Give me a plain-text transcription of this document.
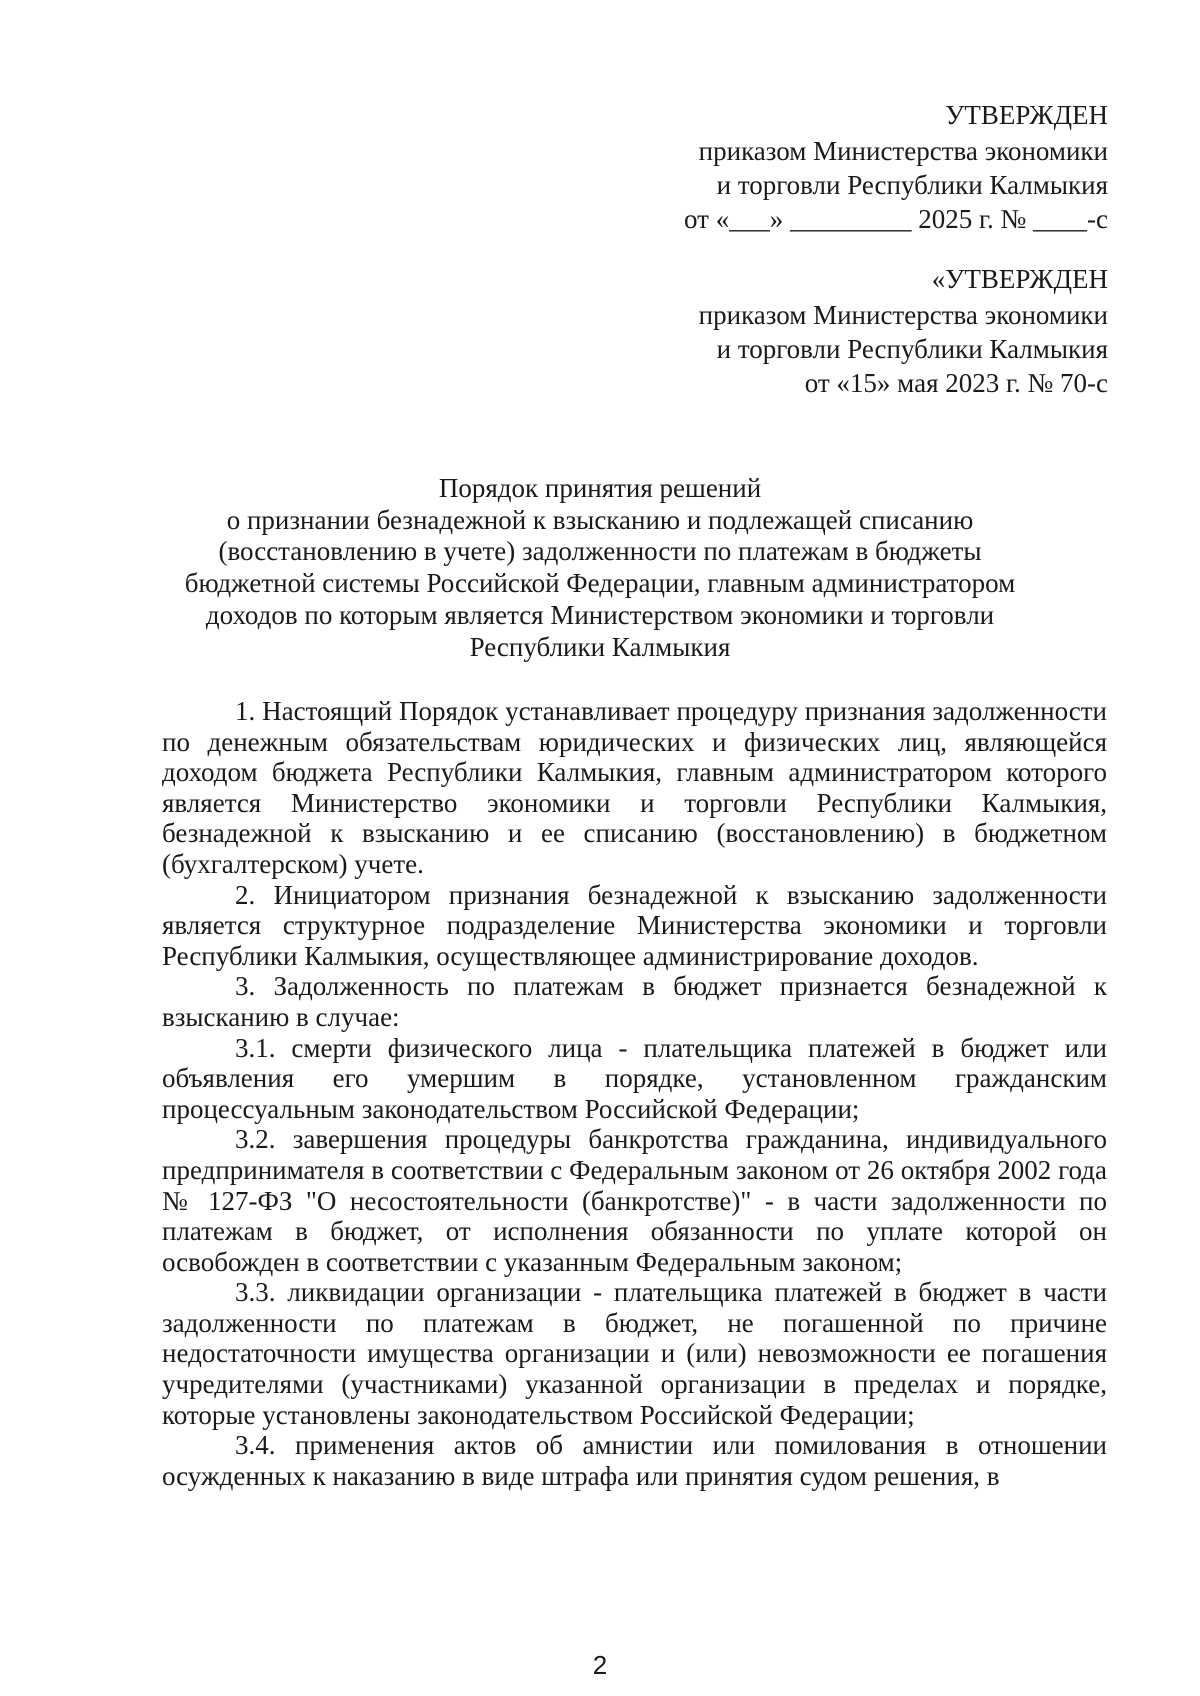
УТВЕРЖДЕН
приказом Министерства экономики
и торговли Республики Калмыкия
от «___» _________ 2025 г. № ____-с
«УТВЕРЖДЕН
приказом Министерства экономики
и торговли Республики Калмыкия
от «15» мая 2023 г. № 70-с
Порядок принятия решений
о признании безнадежной к взысканию и подлежащей списанию
(восстановлению в учете) задолженности по платежам в бюджеты
бюджетной системы Российской Федерации, главным администратором
доходов по которым является Министерством экономики и торговли
Республики Калмыкия

1. Настоящий Порядок устанавливает процедуру признания задолженности по денежным обязательствам юридических и физических лиц, являющейся доходом бюджета Республики Калмыкия, главным администратором которого является Министерство экономики и торговли Республики Калмыкия, безнадежной к взысканию и ее списанию (восстановлению) в бюджетном (бухгалтерском) учете.

2. Инициатором признания безнадежной к взысканию задолженности является структурное подразделение Министерства экономики и торговли Республики Калмыкия, осуществляющее администрирование доходов.

3. Задолженность по платежам в бюджет признается безнадежной к взысканию в случае:

3.1. смерти физического лица - плательщика платежей в бюджет или объявления его умершим в порядке, установленном гражданским процессуальным законодательством Российской Федерации;

3.2. завершения процедуры банкротства гражданина, индивидуального предпринимателя в соответствии с Федеральным законом от 26 октября 2002 года № 127-ФЗ "О несостоятельности (банкротстве)" - в части задолженности по платежам в бюджет, от исполнения обязанности по уплате которой он освобожден в соответствии с указанным Федеральным законом;

3.3. ликвидации организации - плательщика платежей в бюджет в части задолженности по платежам в бюджет, не погашенной по причине недостаточности имущества организации и (или) невозможности ее погашения учредителями (участниками) указанной организации в пределах и порядке, которые установлены законодательством Российской Федерации;

3.4. применения актов об амнистии или помилования в отношении осужденных к наказанию в виде штрафа или принятия судом решения, в

2
